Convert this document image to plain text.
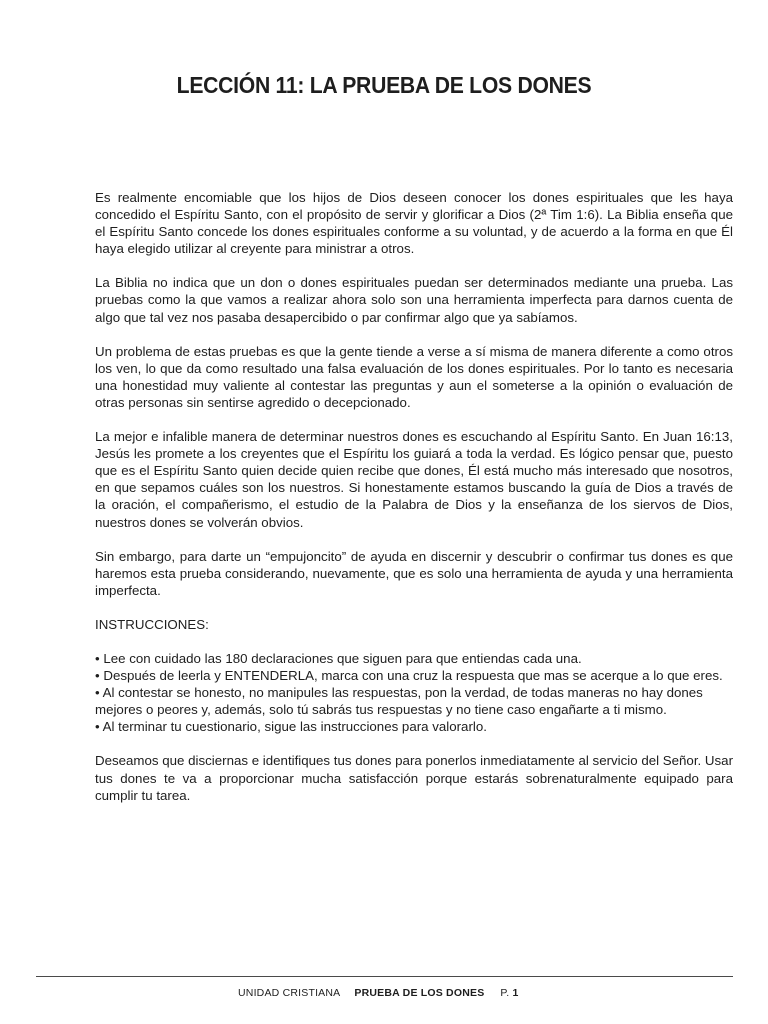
LECCIÓN 11: LA PRUEBA DE LOS DONES

Es realmente encomiable que los hijos de Dios deseen conocer los dones espirituales que les haya concedido el Espíritu Santo, con el propósito de servir y glorificar a Dios (2ª Tim 1:6). La Biblia enseña que el Espíritu Santo concede los dones espirituales conforme a su voluntad, y de acuerdo a la forma en que Él haya elegido utilizar al creyente para ministrar a otros.

La Biblia no indica que un don o dones espirituales puedan ser determinados mediante una prueba. Las pruebas como la que vamos a realizar ahora solo son una herramienta imperfecta para darnos cuenta de algo que tal vez nos pasaba desapercibido o par confirmar algo que ya sabíamos.

Un problema de estas pruebas es que la gente tiende a verse a sí misma de manera diferente a como otros los ven, lo que da como resultado una falsa evaluación de los dones espirituales. Por lo tanto es necesaria una honestidad muy valiente al contestar las preguntas y aun el someterse a la opinión o evaluación de otras personas sin sentirse agredido o decepcionado.

La mejor e infalible manera de determinar nuestros dones es escuchando al Espíritu Santo. En Juan 16:13, Jesús les promete a los creyentes que el Espíritu los guiará a toda la verdad. Es lógico pensar que, puesto que es el Espíritu Santo quien decide quien recibe que dones, Él está mucho más interesado que nosotros, en que sepamos cuáles son los nuestros. Si honestamente estamos buscando la guía de Dios a través de la oración, el compañerismo, el estudio de la Palabra de Dios y la enseñanza de los siervos de Dios, nuestros dones se volverán obvios.

Sin embargo, para darte un “empujoncito” de ayuda en discernir y descubrir o confirmar tus dones es que haremos esta prueba considerando, nuevamente, que es solo una herramienta de ayuda y una herramienta imperfecta.

INSTRUCCIONES:

• Lee con cuidado las 180 declaraciones que siguen para que entiendas cada una.
• Después de leerla y ENTENDERLA, marca con una cruz la respuesta que mas se acerque a lo que eres.
• Al contestar se honesto, no manipules las respuestas, pon la verdad, de todas maneras no hay dones mejores o peores y, además, solo tú sabrás tus respuestas y no tiene caso engañarte a ti mismo.
• Al terminar tu cuestionario, sigue las instrucciones para valorarlo.

Deseamos que disciernas e identifiques tus dones para ponerlos inmediatamente al servicio del Señor. Usar tus dones te va a proporcionar mucha satisfacción porque estarás sobrenaturalmente equipado para cumplir tu tarea.

UNIDAD CRISTIANA PRUEBA DE LOS DONES P. 1
